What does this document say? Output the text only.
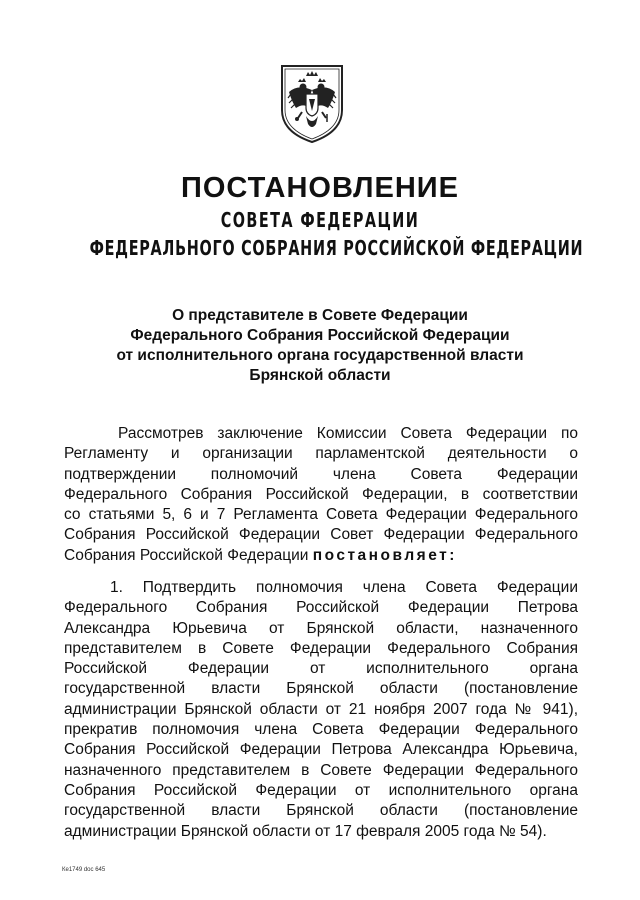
ПОСТАНОВЛЕНИЕ
СОВЕТА ФЕДЕРАЦИИ
ФЕДЕРАЛЬНОГО СОБРАНИЯ РОССИЙСКОЙ ФЕДЕРАЦИИ
О представителе в Совете Федерации
Федерального Собрания Российской Федерации
от исполнительного органа государственной власти
Брянской области
Рассмотрев заключение Комиссии Совета Федерации по
Регламенту и организации парламентской деятельности о
подтверждении полномочий члена Совета Федерации
Федерального Собрания Российской Федерации, в соответствии
со статьями 5, 6 и 7 Регламента Совета Федерации Федерального
Собрания Российской Федерации Совет Федерации Федерального
Собрания Российской Федерации постановляет:
1. Подтвердить полномочия члена Совета Федерации
Федерального Собрания Российской Федерации Петрова
Александра Юрьевича от Брянской области, назначенного
представителем в Совете Федерации Федерального Собрания
Российской Федерации от исполнительного органа
государственной власти Брянской области (постановление
администрации Брянской области от 21 ноября 2007 года № 941),
прекратив полномочия члена Совета Федерации Федерального
Собрания Российской Федерации Петрова Александра Юрьевича,
назначенного представителем в Совете Федерации Федерального
Собрания Российской Федерации от исполнительного органа
государственной власти Брянской области (постановление
администрации Брянской области от 17 февраля 2005 года № 54).
Ке1749 doc 645
